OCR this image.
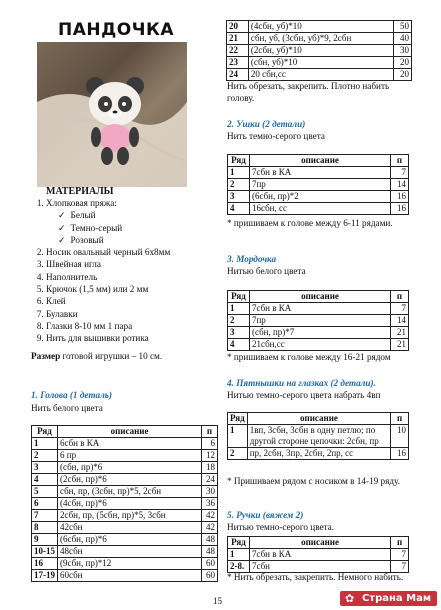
ПАНДОЧКА
МАТЕРИАЛЫ
1. Хлопковая пряжа:
✓ Белый
✓ Темно-серый
✓ Розовый
2. Носик овальный черный 6х8мм
3. Швейная игла
4. Наполнитель
5. Крючок (1,5 мм) или 2 мм
6. Клей
7. Булавки
8. Глазки 8-10 мм 1 пара
9. Нить для вышивки ротика
Размер готовой игрушки – 10 см.
1. Голова (1 деталь)
Нить белого цвета
Ряд	описание	п
1	6сбн в КА	6
2	6 пр	12
3	(сбн, пр)*6	18
4	(2сбн, пр)*6	24
5	сбн, пр, (3сбн, пр)*5, 2сбн	30
6	(4сбн, пр)*6	36
7	2сбн, пр, (5сбн, пр)*5, 3сбн	42
8	42сбн	42
9	(6сбн, пр)*6	48
10-15	48сбн	48
16	(9сбн, пр)*12	60
17-19	60сбн	60
20	(4сбн, уб)*10	50
21	сбн, уб, (3сбн, уб)*9, 2сбн	40
22	(2сбн, уб)*10	30
23	(сбн, уб)*10	20
24	20 сбн,сс	20
Нить обрезать, закрепить. Плотно набить голову.
2. Ушки (2 детали)
Нить темно-серого цвета
Ряд	описание	п
1	7сбн в КА	7
2	7пр	14
3	(6сбн, пр)*2	16
4	16сбн, сс	16
* пришиваем к голове между 6-11 рядами.
3. Мордочка
Нитью белого цвета
Ряд	описание	п
1	7сбн в КА	7
2	7пр	14
3	(сбн, пр)*7	21
4	21сбн,сс	21
* пришиваем к голове между 16-21 рядом
4. Пятнышки на глазках (2 детали).
Нитью темно-серого цвета набрать 4вп
Ряд	описание	п
1	1вп, 3сбн, 3сбн в одну петлю; по другой стороне цепочки: 2сбн, пр	10
2	пр, 2сбн, 3пр, 2сбн, 2пр, сс	16
* Пришиваем рядом с носиком в 14-19 ряду.
5. Ручки (вяжем 2)
Нитью темно-серого цвета.
Ряд	описание	п
1	7сбн в КА	7
2-8.	7сбн	7
* Нить обрезать, закрепить. Немного набить.
15	✿ Страна Мам
